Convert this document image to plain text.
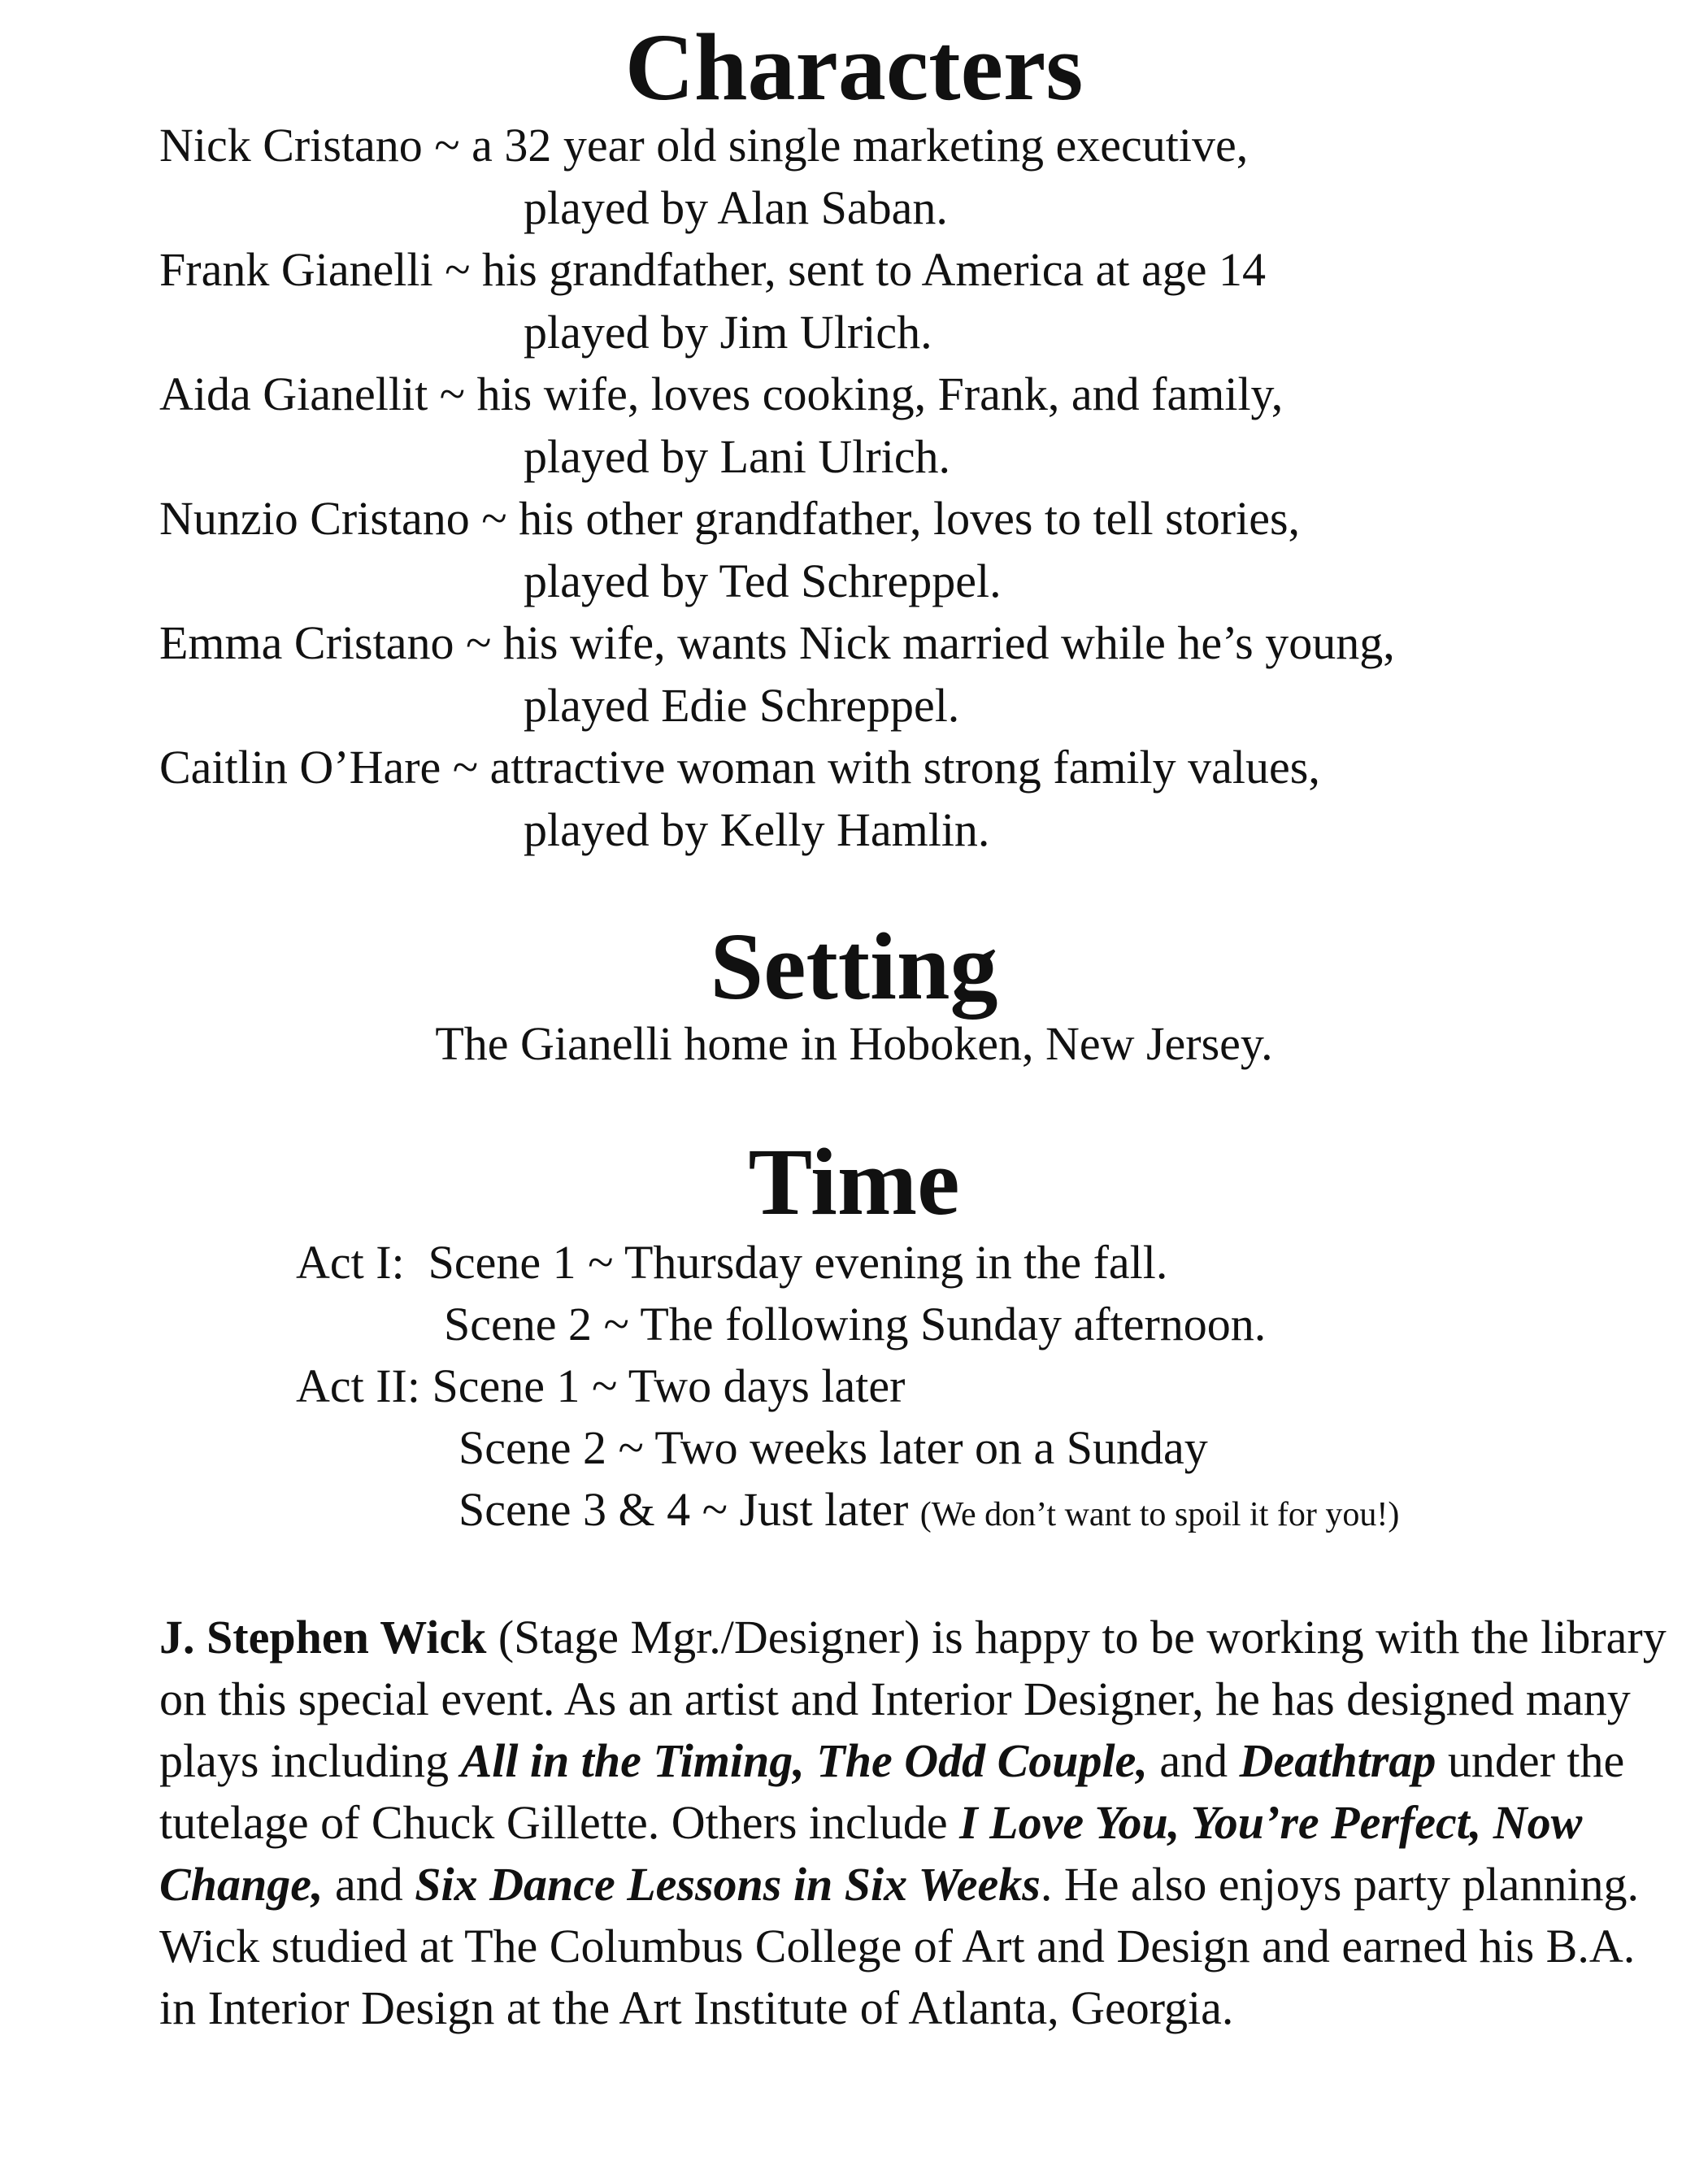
Characters
Nick Cristano ~ a 32 year old single marketing executive,
played by Alan Saban.
Frank Gianelli ~ his grandfather, sent to America at age 14
played by Jim Ulrich.
Aida Gianellit ~ his wife, loves cooking, Frank, and family,
played by Lani Ulrich.
Nunzio Cristano ~ his other grandfather, loves to tell stories,
played by Ted Schreppel.
Emma Cristano ~ his wife, wants Nick married while he’s young,
played Edie Schreppel.
Caitlin O’Hare ~ attractive woman with strong family values,
played by Kelly Hamlin.
Setting
The Gianelli home in Hoboken, New Jersey.
Time
Act I:  Scene 1 ~ Thursday evening in the fall.
Scene 2 ~ The following Sunday afternoon.
Act II: Scene 1 ~ Two days later
Scene 2 ~ Two weeks later on a Sunday
Scene 3 & 4 ~ Just later (We don’t want to spoil it for you!)

J. Stephen Wick (Stage Mgr./Designer) is happy to be working with the library on this special event. As an artist and Interior Designer, he has designed many plays including All in the Timing, The Odd Couple, and Deathtrap under the tutelage of Chuck Gillette. Others include I Love You, You’re Perfect, Now Change, and Six Dance Lessons in Six Weeks. He also enjoys party planning. Wick studied at The Columbus College of Art and Design and earned his B.A. in Interior Design at the Art Institute of Atlanta, Georgia.
